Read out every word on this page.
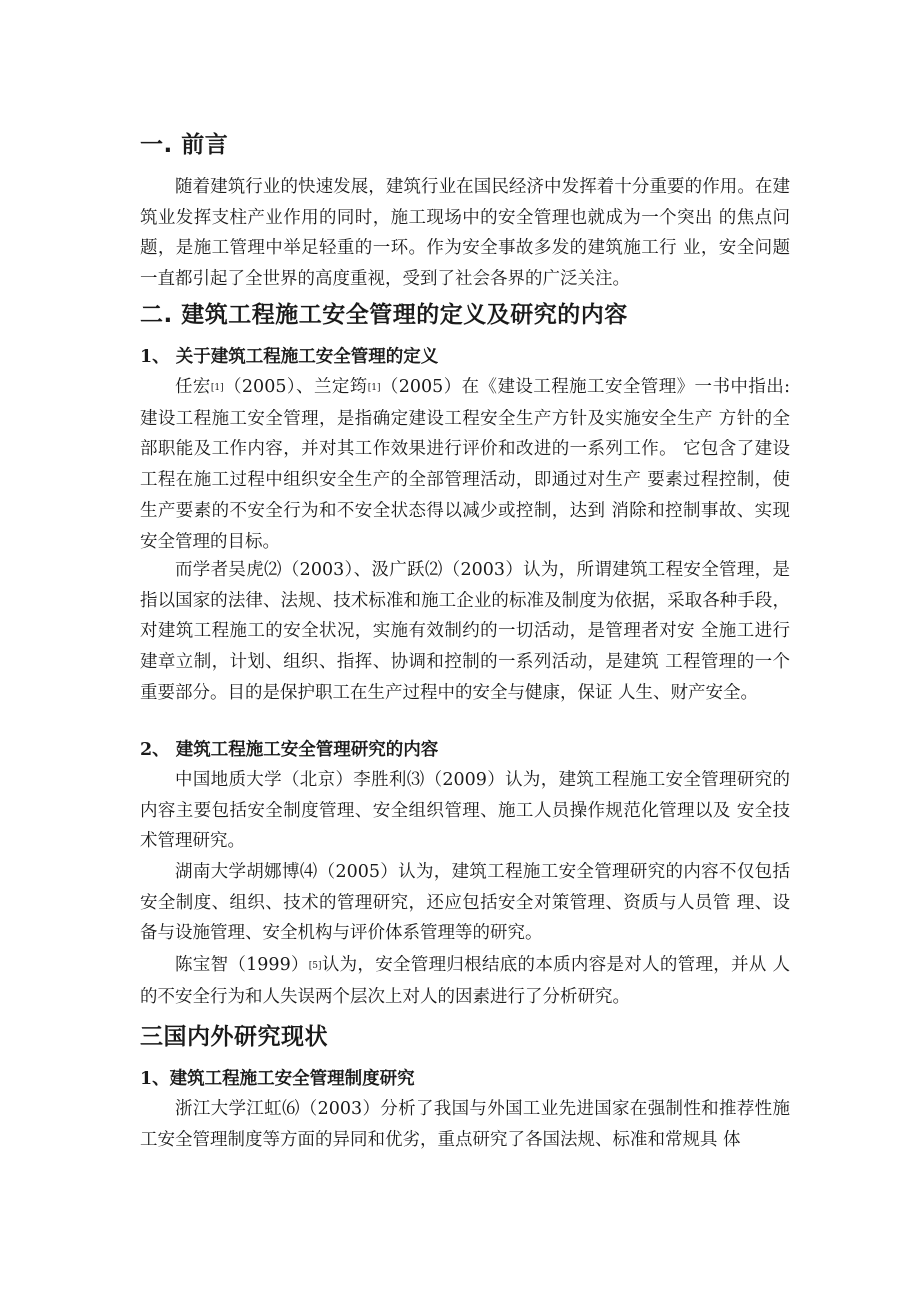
一. 前言

随着建筑行业的快速发展，建筑行业在国民经济中发挥着十分重要的作用。在建筑业发挥支柱产业作用的同时，施工现场中的安全管理也就成为一个突出 的焦点问题，是施工管理中举足轻重的一环。作为安全事故多发的建筑施工行 业，安全问题一直都引起了全世界的高度重视，受到了社会各界的广泛关注。

二. 建筑工程施工安全管理的定义及研究的内容
1、 关于建筑工程施工安全管理的定义

任宏[1]（2005）、兰定筠[1]（2005）在《建设工程施工安全管理》一书中指出: 建设工程施工安全管理，是指确定建设工程安全生产方针及实施安全生产 方针的全部职能及工作内容，并对其工作效果进行评价和改进的一系列工作。 它包含了建设工程在施工过程中组织安全生产的全部管理活动，即通过对生产 要素过程控制，使生产要素的不安全行为和不安全状态得以减少或控制，达到 消除和控制事故、实现安全管理的目标。

而学者吴虎⑵（2003）、汲广跃⑵（2003）认为，所谓建筑工程安全管理，是 指以国家的法律、法规、技术标准和施工企业的标准及制度为依据，采取各种手段，对建筑工程施工的安全状况，实施有效制约的一切活动，是管理者对安 全施工进行建章立制，计划、组织、指挥、协调和控制的一系列活动，是建筑 工程管理的一个重要部分。目的是保护职工在生产过程中的安全与健康，保证 人生、财产安全。

2、 建筑工程施工安全管理研究的内容

中国地质大学（北京）李胜利⑶（2009）认为，建筑工程施工安全管理研究的内容主要包括安全制度管理、安全组织管理、施工人员操作规范化管理以及 安全技术管理研究。

湖南大学胡娜博⑷（2005）认为，建筑工程施工安全管理研究的内容不仅包括安全制度、组织、技术的管理研究，还应包括安全对策管理、资质与人员管 理、设备与设施管理、安全机构与评价体系管理等的研究。

陈宝智（1999）[5]认为，安全管理归根结底的本质内容是对人的管理，并从 人的不安全行为和人失误两个层次上对人的因素进行了分析研究。

三国内外研究现状
1、建筑工程施工安全管理制度研究

浙江大学江虹⑹（2003）分析了我国与外国工业先进国家在强制性和推荐性施工安全管理制度等方面的异同和优劣，重点研究了各国法规、标准和常规具 体
